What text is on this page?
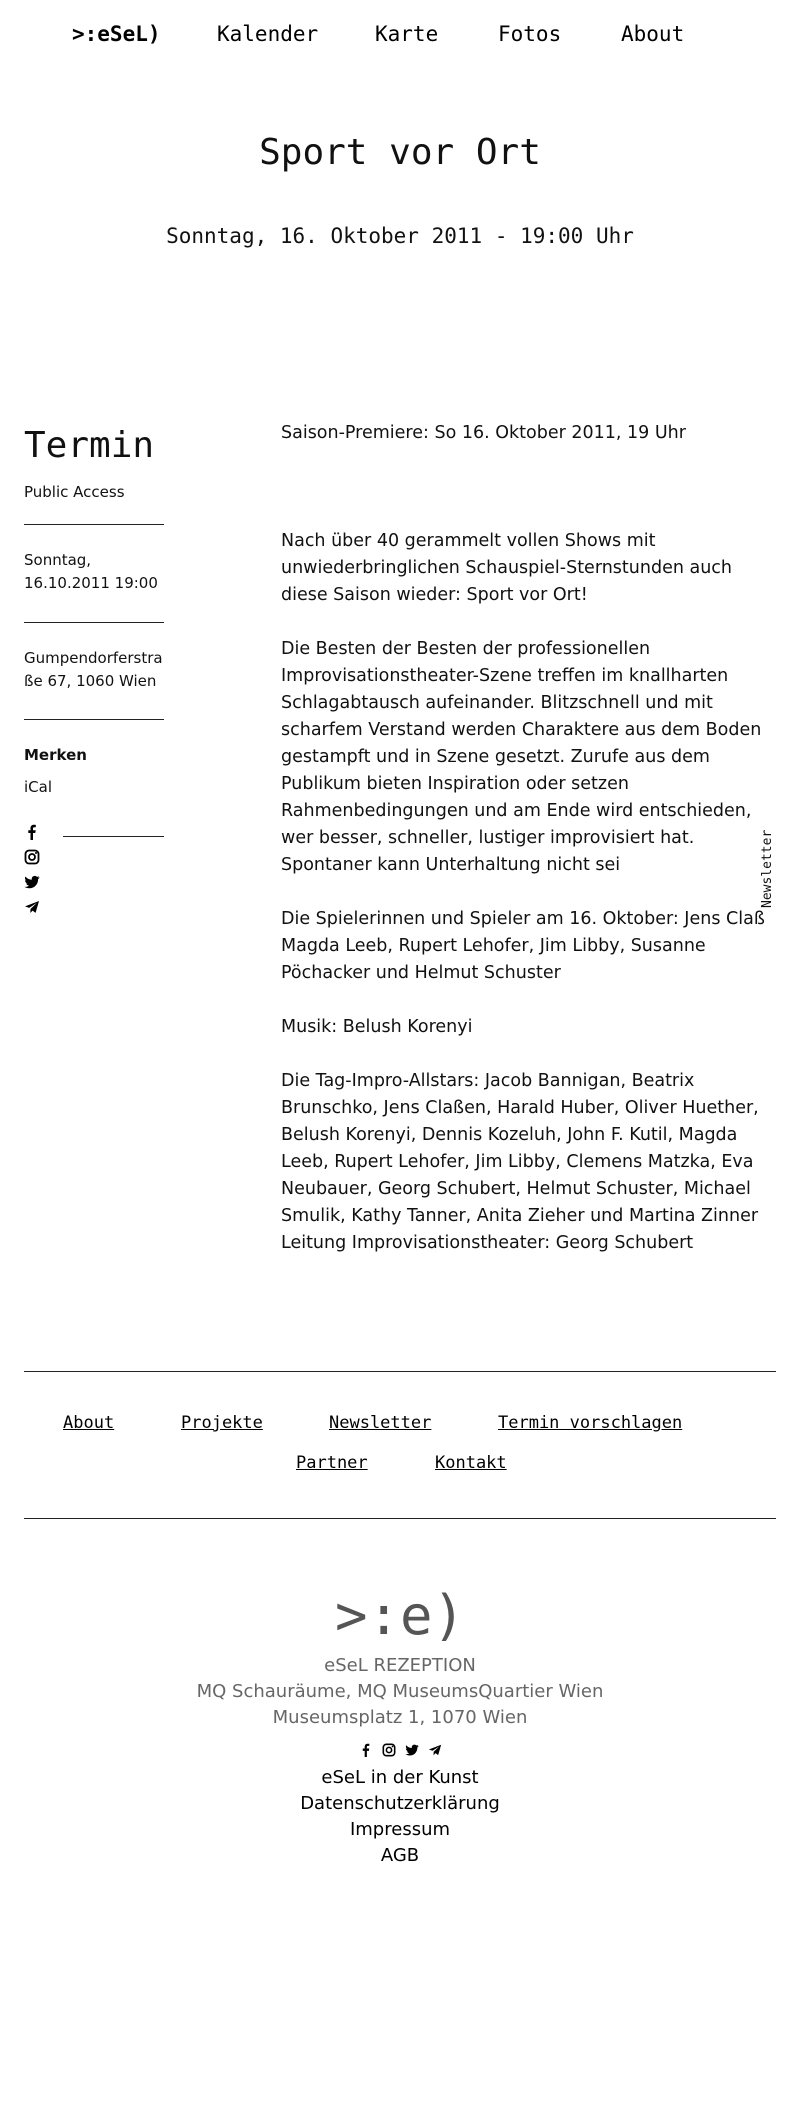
>:eSeL)	Kalender	Karte	Fotos	About
Sport vor Ort
Sonntag, 16. Oktober 2011 - 19:00 Uhr
Termin
Public Access
Sonntag,
16.10.2011 19:00
Gumpendorferstra
ße 67, 1060 Wien
Merken
iCal

Saison-Premiere: So 16. Oktober 2011, 19 Uhr

Nach über 40 gerammelt vollen Shows mit unwiederbringlichen Schauspiel-Sternstunden auch diese Saison wieder: Sport vor Ort!

Die Besten der Besten der professionellen Improvisationstheater-Szene treffen im knallharten Schlagabtausch aufeinander. Blitzschnell und mit scharfem Verstand werden Charaktere aus dem Boden gestampft und in Szene gesetzt. Zurufe aus dem Publikum bieten Inspiration oder setzen Rahmenbedingungen und am Ende wird entschieden, wer besser, schneller, lustiger improvisiert hat. Spontaner kann Unterhaltung nicht sei

Die Spielerinnen und Spieler am 16. Oktober: Jens Claß Magda Leeb, Rupert Lehofer, Jim Libby, Susanne Pöchacker und Helmut Schuster

Musik: Belush Korenyi

Die Tag-Impro-Allstars: Jacob Bannigan, Beatrix Brunschko, Jens Claßen, Harald Huber, Oliver Huether, Belush Korenyi, Dennis Kozeluh, John F. Kutil, Magda Leeb, Rupert Lehofer, Jim Libby, Clemens Matzka, Eva Neubauer, Georg Schubert, Helmut Schuster, Michael Smulik, Kathy Tanner, Anita Zieher und Martina Zinner Leitung Improvisationstheater: Georg Schubert

Newsletter
About	Projekte	Newsletter	Termin vorschlagen
Partner	Kontakt
>:e)
eSeL REZEPTION
MQ Schauräume, MQ MuseumsQuartier Wien
Museumsplatz 1, 1070 Wien
eSeL in der Kunst
Datenschutzerklärung
Impressum
AGB
